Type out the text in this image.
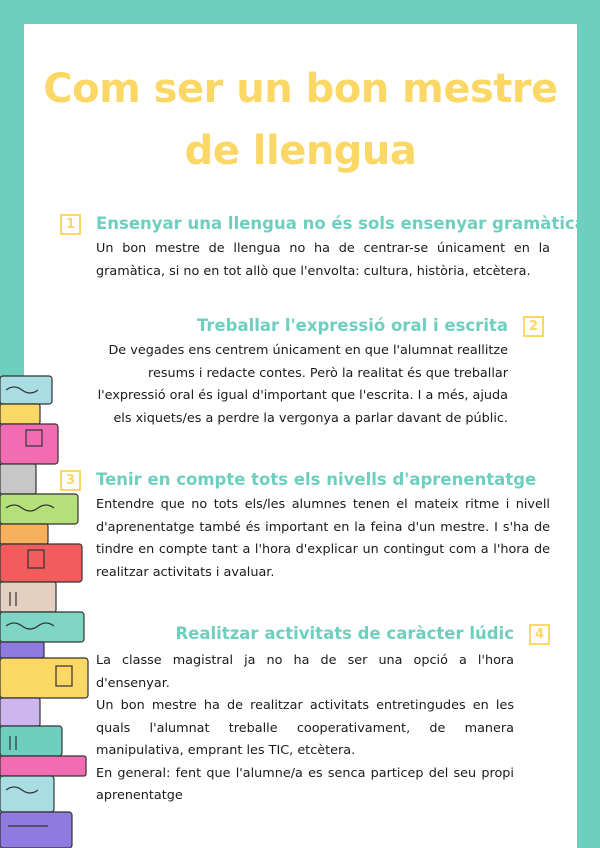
Com ser un bon mestre de llengua
1	Ensenyar una llengua no és sols ensenyar gramàtica

Un bon mestre de llengua no ha de centrar-se únicament en la gramàtica, si no en tot allò que l'envolta: cultura, història, etcètera.

Treballar l'expressió oral i escrita	2

De vegades ens centrem únicament en que l'alumnat reallitze resums i redacte contes. Però la realitat és que treballar l'expressió oral és igual d'important que l'escrita. I a més, ajuda els xiquets/es a perdre la vergonya a parlar davant de públic.

3	Tenir en compte tots els nivells d'aprenentatge

Entendre que no tots els/les alumnes tenen el mateix ritme i nivell d'aprenentatge també és important en la feina d'un mestre. I s'ha de tindre en compte tant a l'hora d'explicar un contingut com a l'hora de realitzar activitats i avaluar.

Realitzar activitats de caràcter lúdic	4

La classe magistral ja no ha de ser una opció a l'hora d'ensenyar.

Un bon mestre ha de realitzar activitats entretingudes en les quals l'alumnat treballe cooperativament, de manera manipulativa, emprant les TIC, etcètera.

En general: fent que l'alumne/a es senca particep del seu propi aprenentatge
